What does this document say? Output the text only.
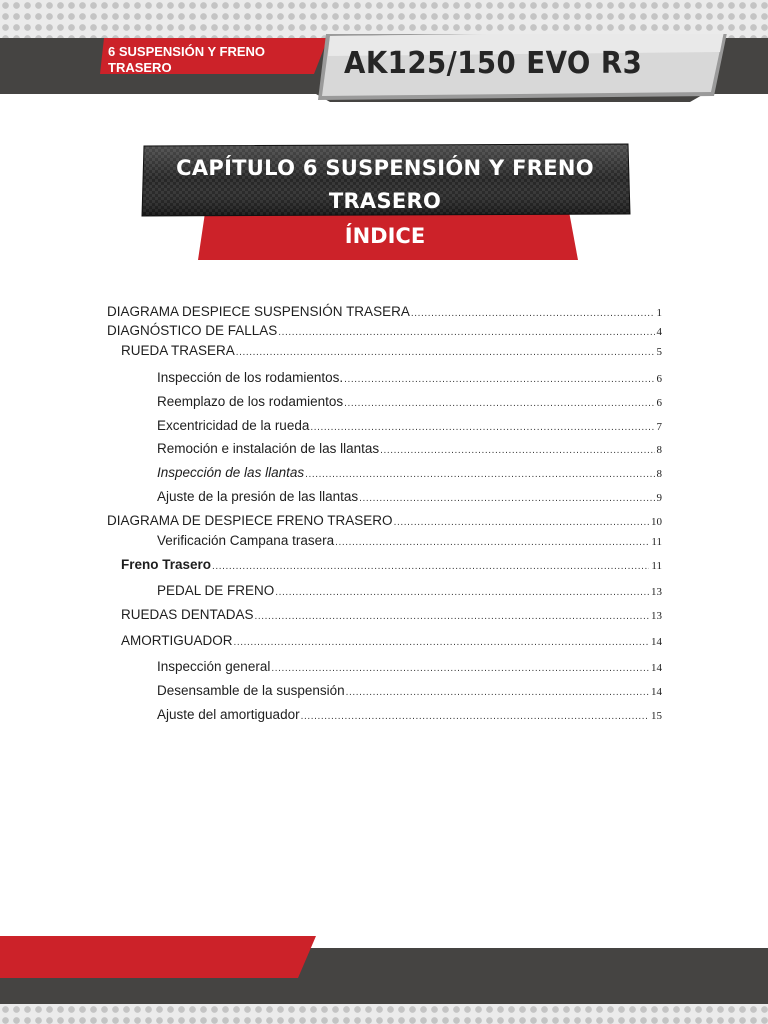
6 SUSPENSIÓN Y FRENO
TRASERO	AK125/150 EVO R3
CAPÍTULO 6 SUSPENSIÓN Y FRENO
TRASERO
ÍNDICE
DIAGRAMA DESPIECE SUSPENSIÓN TRASERA .....	1
DIAGNÓSTICO DE FALLAS .....	4
RUEDA TRASERA .....	5
Inspección de los rodamientos. .....	6
Reemplazo de los rodamientos .....	6
Excentricidad de la rueda .....	7
Remoción e instalación de las llantas .....	8
Inspección de las llantas .....	8
Ajuste de la presión de las llantas .....	9
DIAGRAMA DE DESPIECE FRENO TRASERO .....	10
Verificación Campana trasera .....	11
Freno Trasero .....	11
PEDAL DE FRENO .....	13
RUEDAS DENTADAS .....	13
AMORTIGUADOR .....	14
Inspección general .....	14
Desensamble de la suspensión .....	14
Ajuste del amortiguador .....	15
